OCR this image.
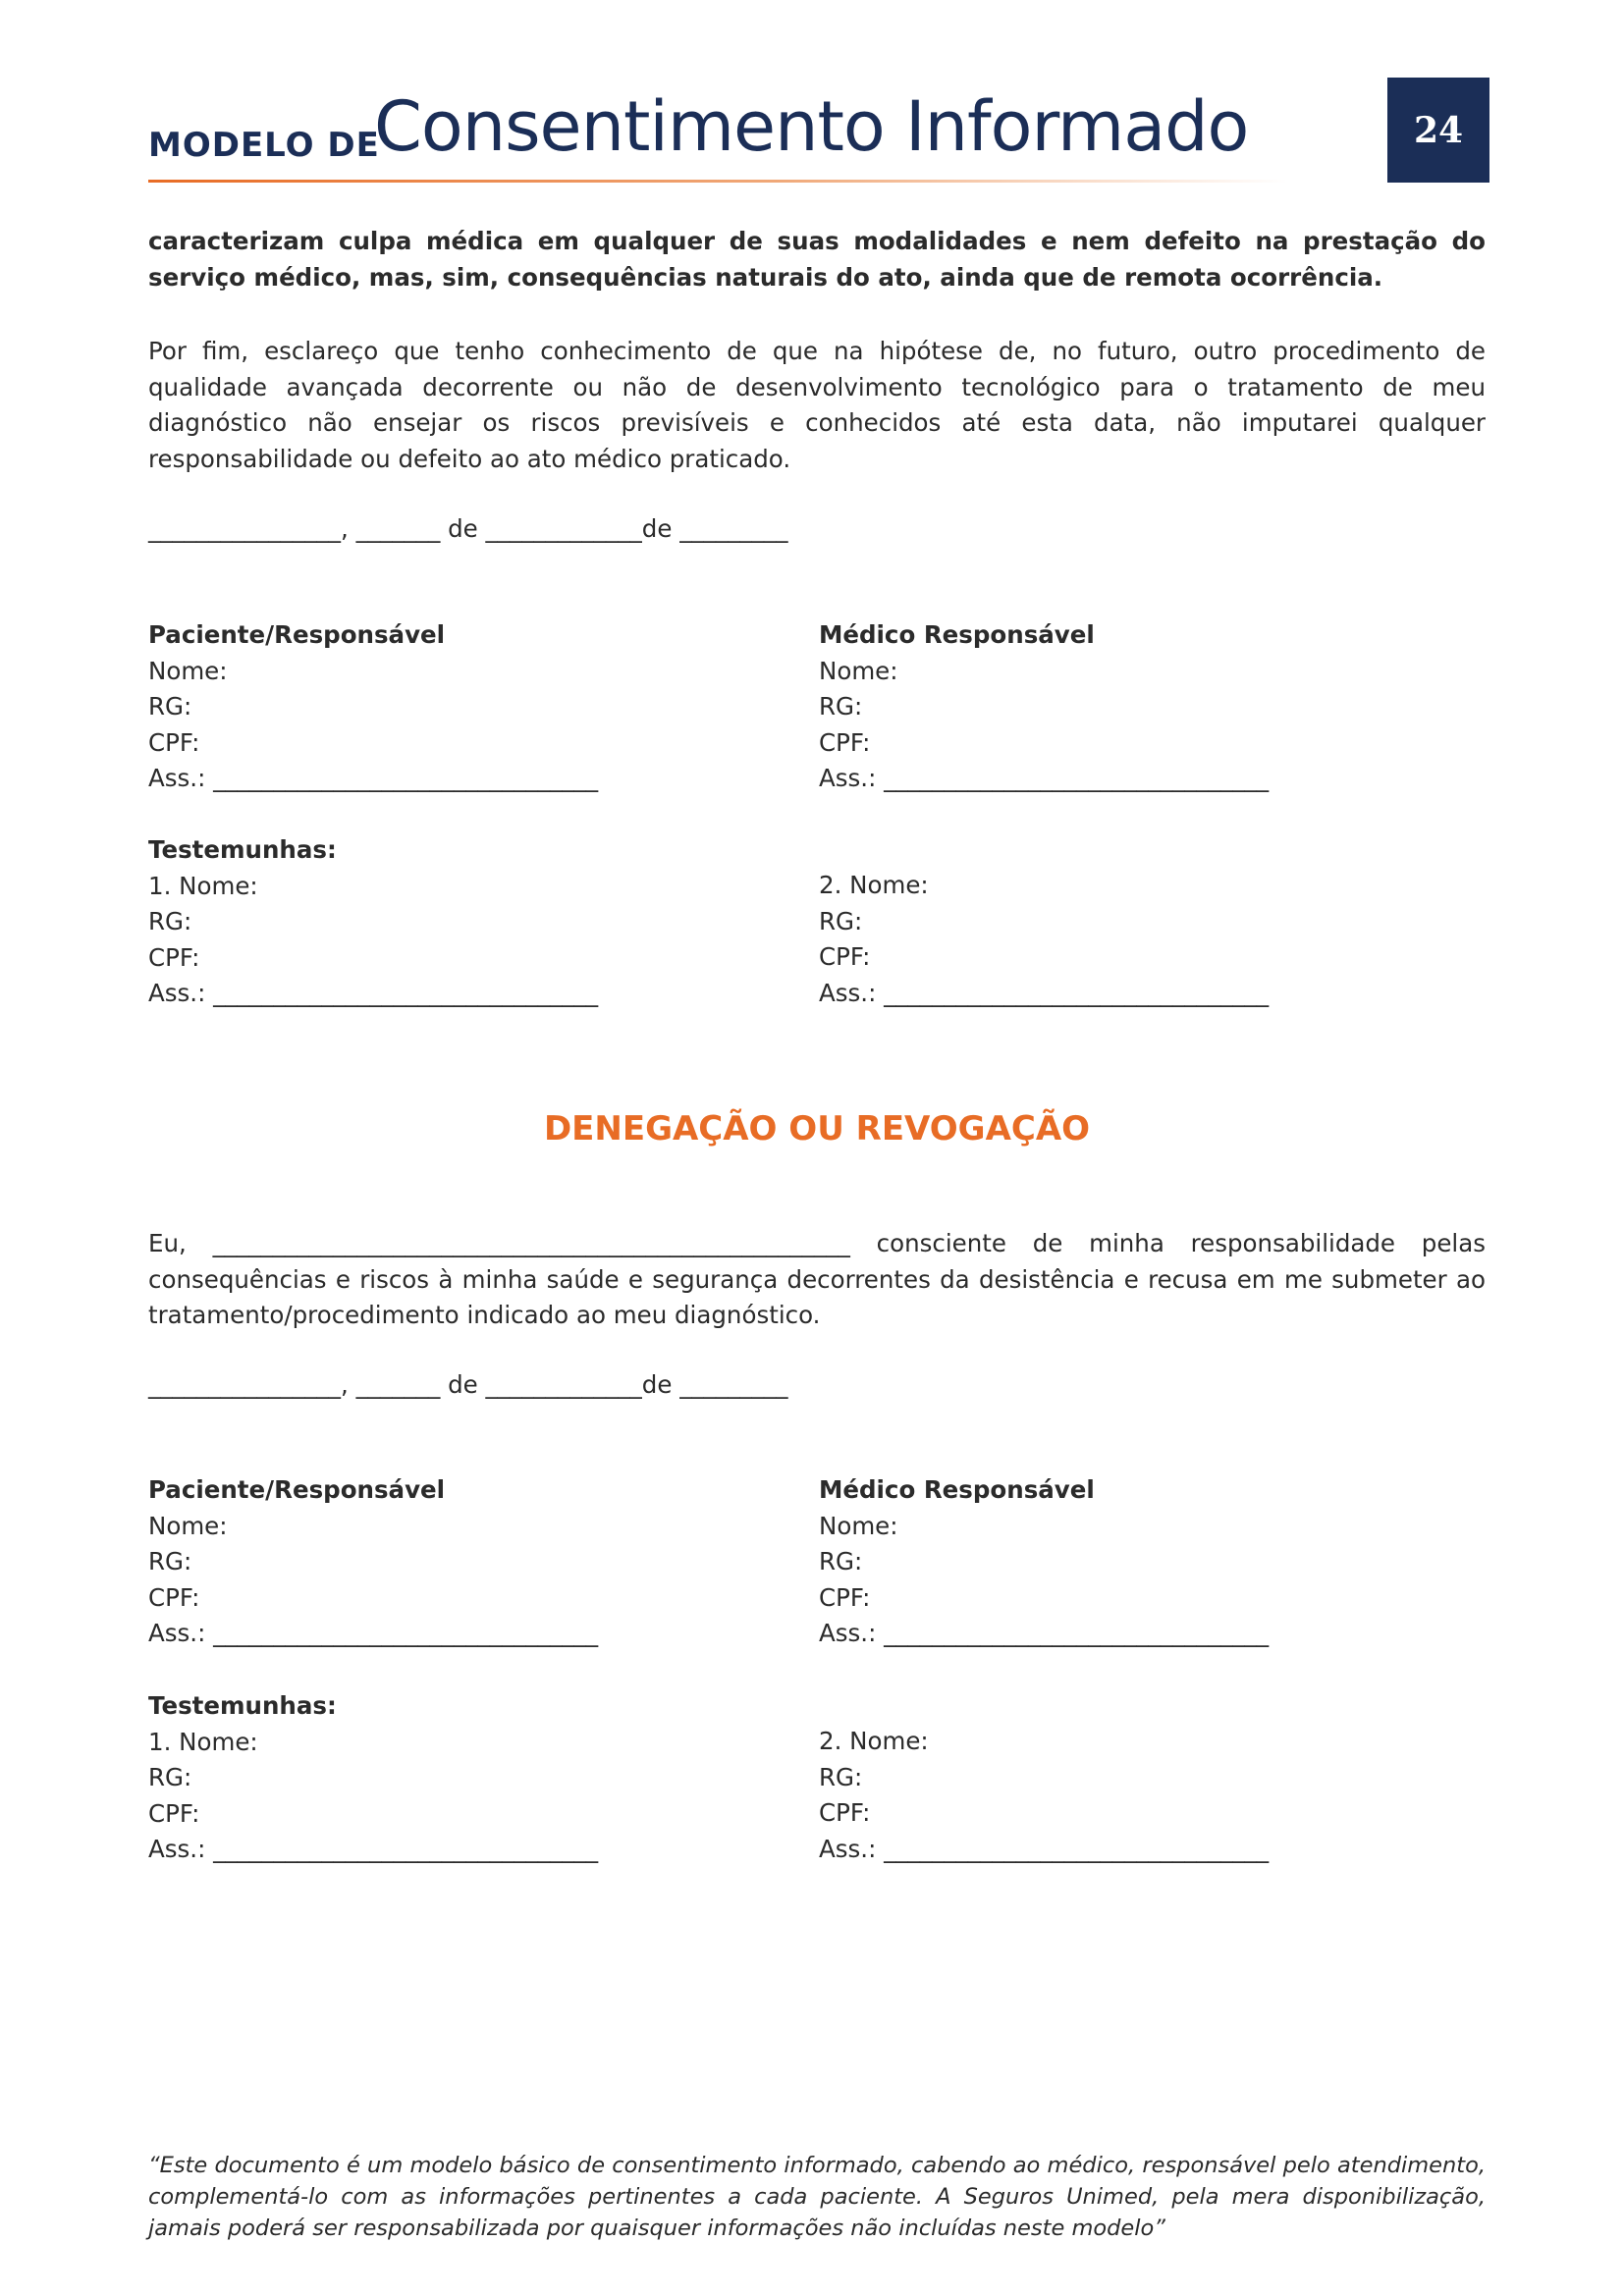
MODELO DE
Consentimento Informado	24
caracterizam culpa médica em qualquer de suas modalidades e nem defeito na prestação do serviço médico, mas, sim, consequências naturais do ato, ainda que de remota ocorrência.
Por fim, esclareço que tenho conhecimento de que na hipótese de, no futuro, outro procedimento de qualidade avançada decorrente ou não de desenvolvimento tecnológico para o tratamento de meu diagnóstico não ensejar os riscos previsíveis e conhecidos até esta data, não imputarei qualquer responsabilidade ou defeito ao ato médico praticado.
________________, _______ de _____________de _________
Paciente/Responsável
Nome:
RG:
CPF:
Ass.: ________________________________
Médico Responsável
Nome:
RG:
CPF:
Ass.: ________________________________
Testemunhas:
1. Nome:
RG:
CPF:
Ass.: ________________________________
2. Nome:
RG:
CPF:
Ass.: ________________________________
DENEGAÇÃO OU REVOGAÇÃO
Eu, _____________________________________________________ consciente de minha responsabilidade pelas consequências e riscos à minha saúde e segurança decorrentes da desistência e recusa em me submeter ao tratamento/procedimento indicado ao meu diagnóstico.
________________, _______ de _____________de _________
Paciente/Responsável
Nome:
RG:
CPF:
Ass.: ________________________________
Médico Responsável
Nome:
RG:
CPF:
Ass.: ________________________________
Testemunhas:
1. Nome:
RG:
CPF:
Ass.: ________________________________
2. Nome:
RG:
CPF:
Ass.: ________________________________
“Este documento é um modelo básico de consentimento informado, cabendo ao médico, responsável pelo atendimento, complementá-lo com as informações pertinentes a cada paciente. A Seguros Unimed, pela mera disponibilização, jamais poderá ser responsabilizada por quaisquer informações não incluídas neste modelo”
